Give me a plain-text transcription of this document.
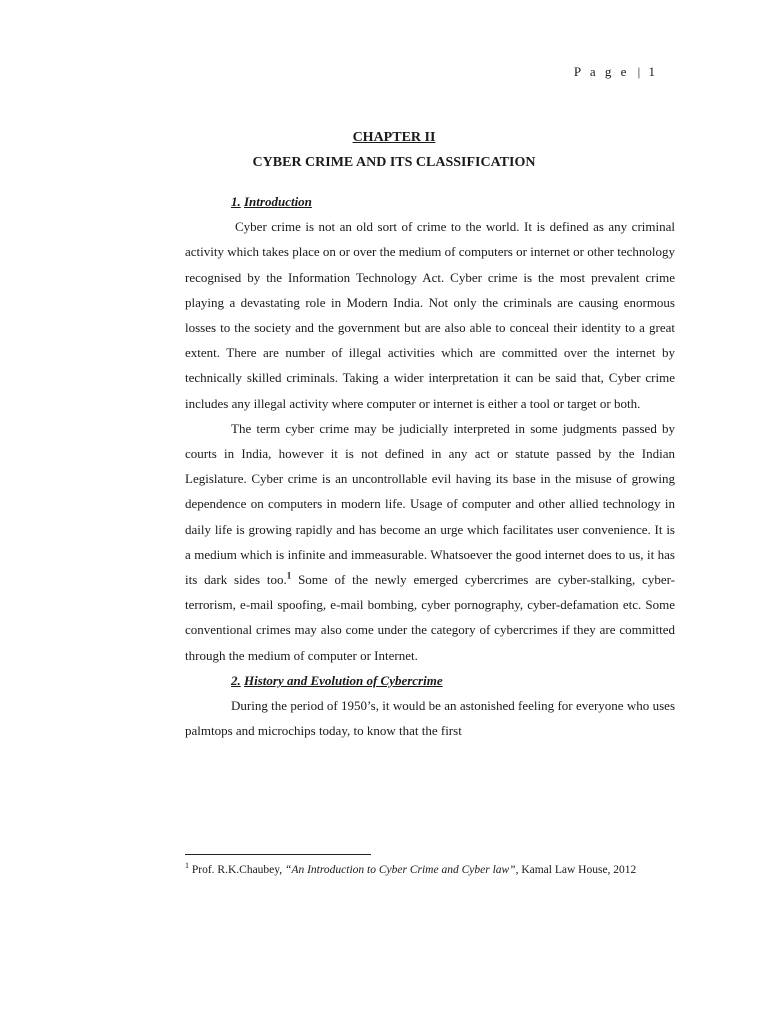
P a g e | 1
CHAPTER II
CYBER CRIME AND ITS CLASSIFICATION

1. Introduction

Cyber crime is not an old sort of crime to the world. It is defined as any criminal activity which takes place on or over the medium of computers or internet or other technology recognised by the Information Technology Act. Cyber crime is the most prevalent crime playing a devastating role in Modern India. Not only the criminals are causing enormous losses to the society and the government but are also able to conceal their identity to a great extent. There are number of illegal activities which are committed over the internet by technically skilled criminals. Taking a wider interpretation it can be said that, Cyber crime includes any illegal activity where computer or internet is either a tool or target or both.

The term cyber crime may be judicially interpreted in some judgments passed by courts in India, however it is not defined in any act or statute passed by the Indian Legislature. Cyber crime is an uncontrollable evil having its base in the misuse of growing dependence on computers in modern life. Usage of computer and other allied technology in daily life is growing rapidly and has become an urge which facilitates user convenience. It is a medium which is infinite and immeasurable. Whatsoever the good internet does to us, it has its dark sides too.$^1$ Some of the newly emerged cybercrimes are cyber-stalking, cyber-terrorism, e-mail spoofing, e-mail bombing, cyber pornography, cyber-defamation etc. Some conventional crimes may also come under the category of cybercrimes if they are committed through the medium of computer or Internet.

2. History and Evolution of Cybercrime

During the period of 1950’s, it would be an astonished feeling for everyone who uses palmtops and microchips today, to know that the first

$^1$ Prof. R.K.Chaubey, “An Introduction to Cyber Crime and Cyber law”, Kamal Law House, 2012
